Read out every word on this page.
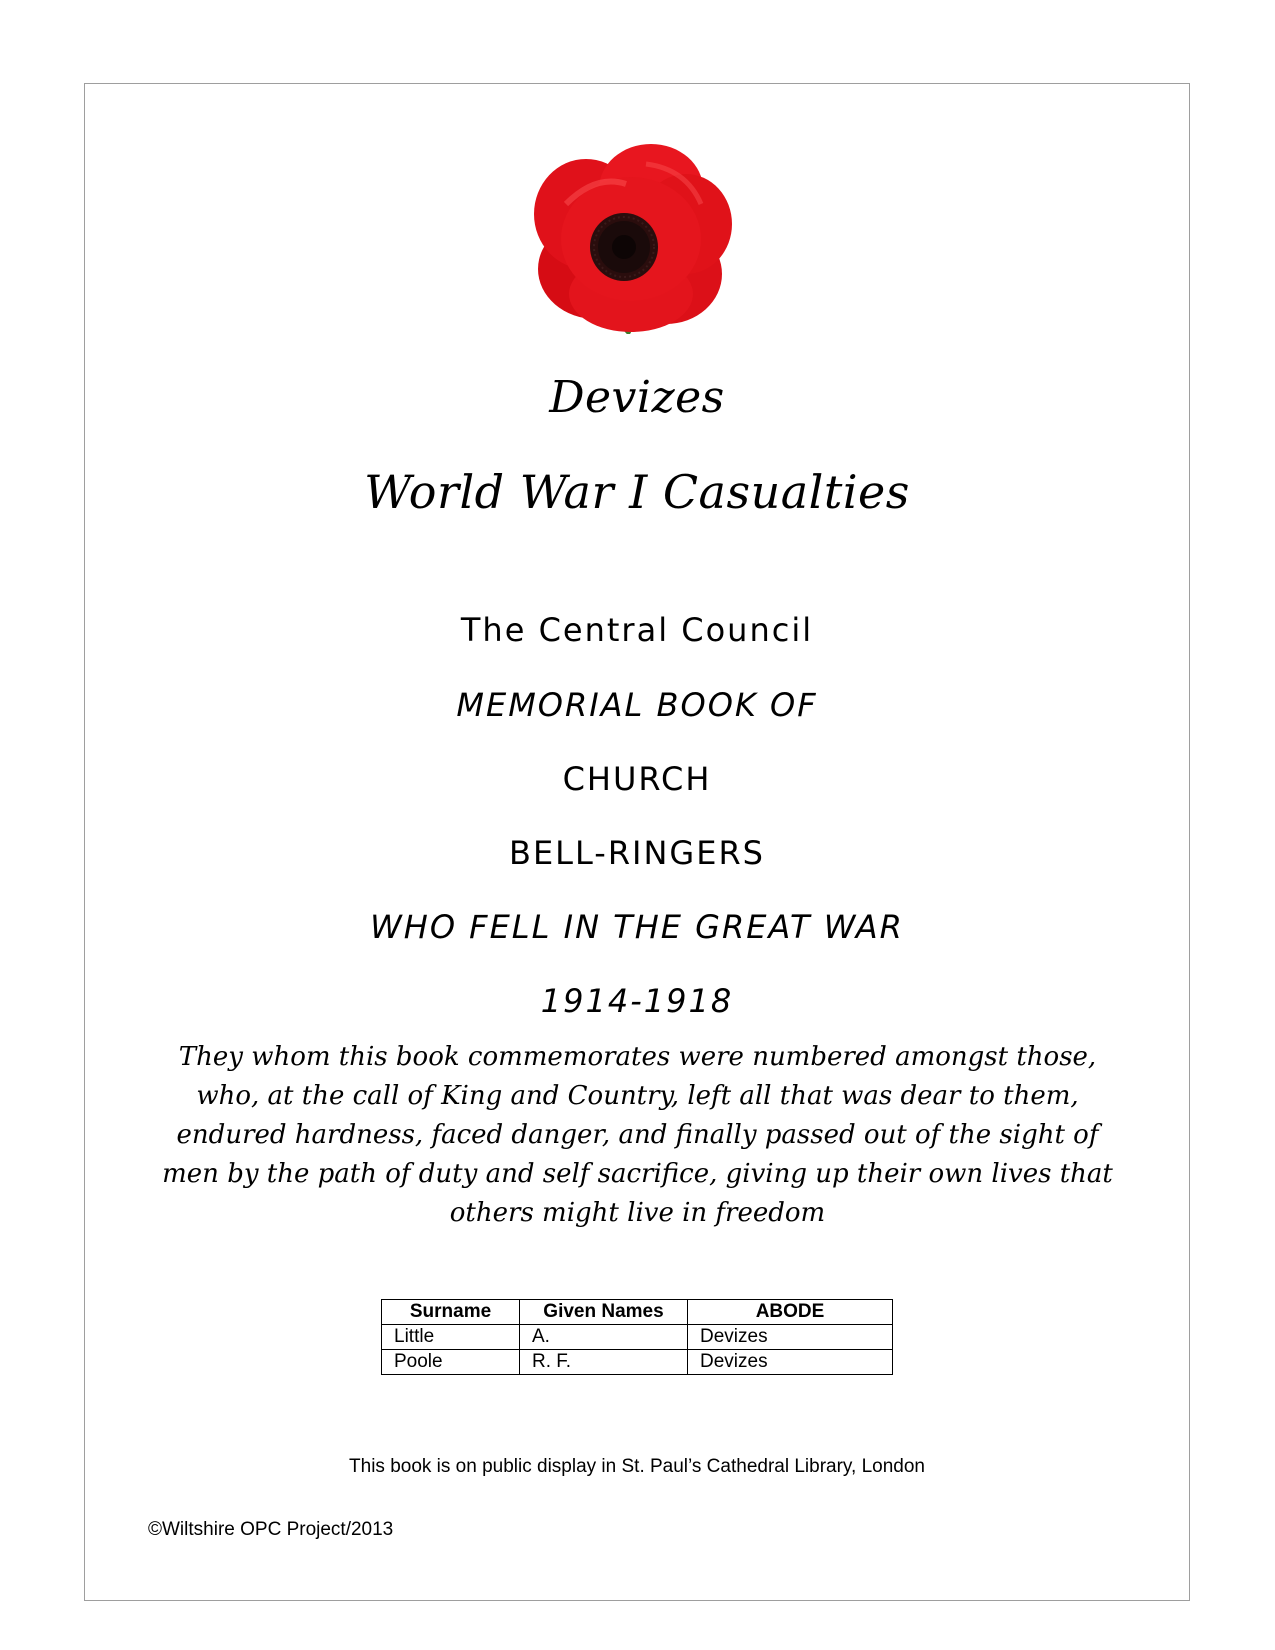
Devizes
World War I Casualties
The Central Council
MEMORIAL BOOK OF
CHURCH
BELL-RINGERS
WHO FELL IN THE GREAT WAR
1914-1918
They whom this book commemorates were numbered amongst those,
who, at the call of King and Country, left all that was dear to them,
endured hardness, faced danger, and finally passed out of the sight of
men by the path of duty and self sacrifice, giving up their own lives that
others might live in freedom
Surname	Given Names	ABODE
Little	A.	Devizes
Poole	R. F.	Devizes
This book is on public display in St. Paul’s Cathedral Library, London
©Wiltshire OPC Project/2013
